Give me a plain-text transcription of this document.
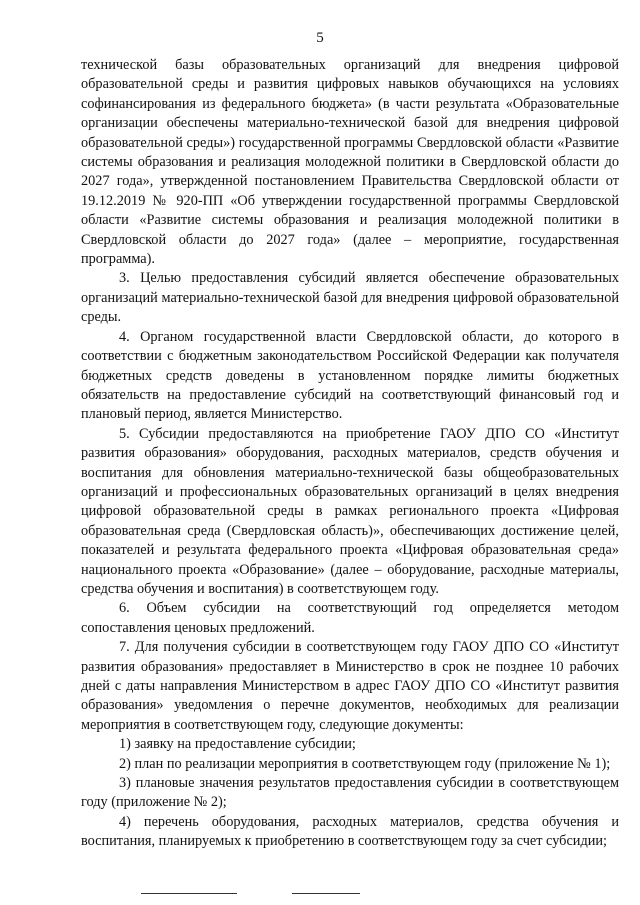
5

технической базы образовательных организаций для внедрения цифровой образовательной среды и развития цифровых навыков обучающихся на условиях софинансирования из федерального бюджета» (в части результата «Образовательные организации обеспечены материально-технической базой для внедрения цифровой образовательной среды») государственной программы Свердловской области «Развитие системы образования и реализация молодежной политики в Свердловской области до 2027 года», утвержденной постановлением Правительства Свердловской области от 19.12.2019 № 920-ПП «Об утверждении государственной программы Свердловской области «Развитие системы образования и реализация молодежной политики в Свердловской области до 2027 года» (далее – мероприятие, государственная программа).

3. Целью предоставления субсидий является обеспечение образовательных организаций материально-технической базой для внедрения цифровой образовательной среды.

4. Органом государственной власти Свердловской области, до которого в соответствии с бюджетным законодательством Российской Федерации как получателя бюджетных средств доведены в установленном порядке лимиты бюджетных обязательств на предоставление субсидий на соответствующий финансовый год и плановый период, является Министерство.

5. Субсидии предоставляются на приобретение ГАОУ ДПО СО «Институт развития образования» оборудования, расходных материалов, средств обучения и воспитания для обновления материально-технической базы общеобразовательных организаций и профессиональных образовательных организаций в целях внедрения цифровой образовательной среды в рамках регионального проекта «Цифровая образовательная среда (Свердловская область)», обеспечивающих достижение целей, показателей и результата федерального проекта «Цифровая образовательная среда» национального проекта «Образование» (далее – оборудование, расходные материалы, средства обучения и воспитания) в соответствующем году.

6. Объем субсидии на соответствующий год определяется методом сопоставления ценовых предложений.

7. Для получения субсидии в соответствующем году ГАОУ ДПО СО «Институт развития образования» предоставляет в Министерство в срок не позднее 10 рабочих дней с даты направления Министерством в адрес ГАОУ ДПО СО «Институт развития образования» уведомления о перечне документов, необходимых для реализации мероприятия в соответствующем году, следующие документы:

1) заявку на предоставление субсидии;

2) план по реализации мероприятия в соответствующем году (приложение № 1);

3) плановые значения результатов предоставления субсидии в соответствующем году (приложение № 2);

4) перечень оборудования, расходных материалов, средства обучения и воспитания, планируемых к приобретению в соответствующем году за счет субсидии;
